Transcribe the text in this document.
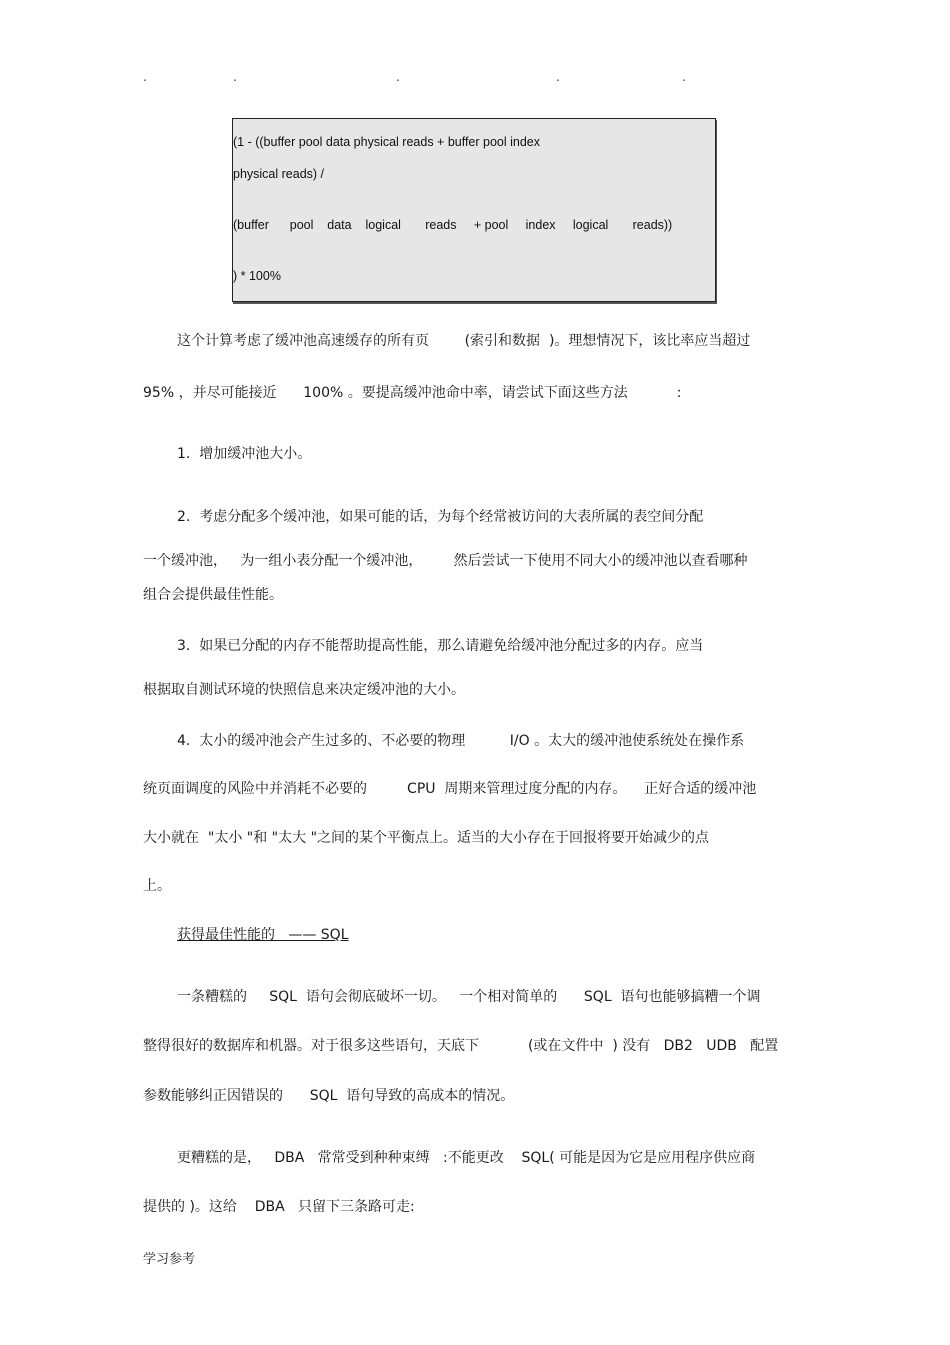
.	.	.	.	.
(1 - ((buffer pool data physical reads + buffer pool index
physical reads) /
(buffer      pool    data    logical       reads     + pool     index     logical       reads))
) * 100%
这个计算考虑了缓冲池高速缓存的所有页        (索引和数据  )。理想情况下，该比率应当超过
95% ，并尽可能接近      100% 。要提高缓冲池命中率，请尝试下面这些方法           :
1.  增加缓冲池大小。
2.  考虑分配多个缓冲池，如果可能的话，为每个经常被访问的大表所属的表空间分配
一个缓冲池，   为一组小表分配一个缓冲池，       然后尝试一下使用不同大小的缓冲池以查看哪种
组合会提供最佳性能。
3.  如果已分配的内存不能帮助提高性能，那么请避免给缓冲池分配过多的内存。应当
根据取自测试环境的快照信息来决定缓冲池的大小。
4.  太小的缓冲池会产生过多的、不必要的物理          I/O 。太大的缓冲池使系统处在操作系
统页面调度的风险中并消耗不必要的         CPU  周期来管理过度分配的内存。    正好合适的缓冲池
大小就在  "太小 "和 "太大 "之间的某个平衡点上。适当的大小存在于回报将要开始减少的点
上。
获得最佳性能的   —— SQL
一条糟糕的     SQL  语句会彻底破坏一切。   一个相对简单的      SQL  语句也能够搞糟一个调
整得很好的数据库和机器。对于很多这些语句，天底下           (或在文件中  ) 没有   DB2   UDB   配置
参数能够纠正因错误的      SQL  语句导致的高成本的情况。
更糟糕的是，   DBA   常常受到种种束缚   :不能更改    SQL( 可能是因为它是应用程序供应商
提供的 )。这给    DBA   只留下三条路可走:
学习参考
